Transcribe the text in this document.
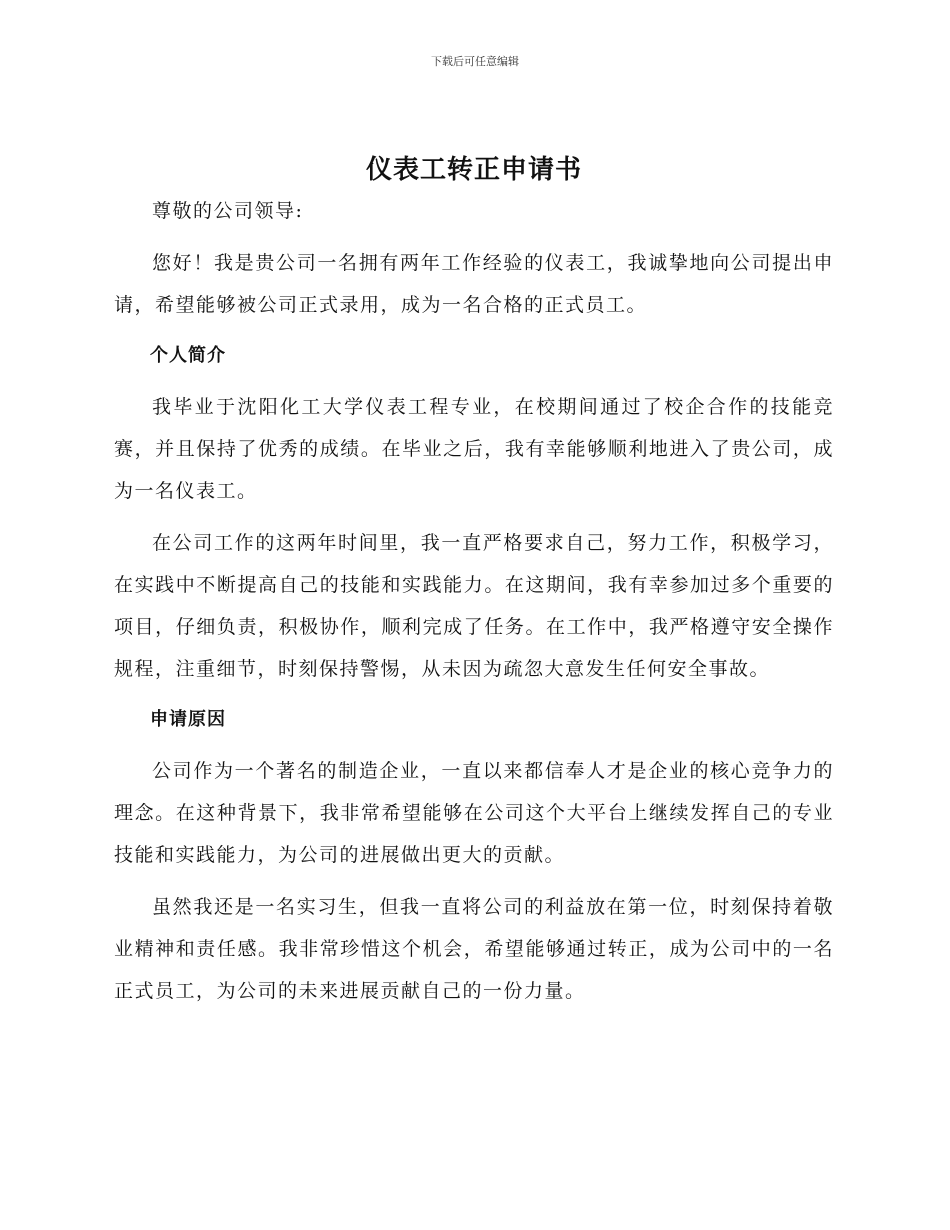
下载后可任意编辑
仪表工转正申请书

尊敬的公司领导:

您好！我是贵公司一名拥有两年工作经验的仪表工，我诚挚地向公司提出申请，希望能够被公司正式录用，成为一名合格的正式员工。

个人简介

我毕业于沈阳化工大学仪表工程专业，在校期间通过了校企合作的技能竞赛，并且保持了优秀的成绩。在毕业之后，我有幸能够顺利地进入了贵公司，成为一名仪表工。

在公司工作的这两年时间里，我一直严格要求自己，努力工作，积极学习，在实践中不断提高自己的技能和实践能力。在这期间，我有幸参加过多个重要的项目，仔细负责，积极协作，顺利完成了任务。在工作中，我严格遵守安全操作规程，注重细节，时刻保持警惕，从未因为疏忽大意发生任何安全事故。

申请原因

公司作为一个著名的制造企业，一直以来都信奉人才是企业的核心竞争力的理念。在这种背景下，我非常希望能够在公司这个大平台上继续发挥自己的专业技能和实践能力，为公司的进展做出更大的贡献。

虽然我还是一名实习生，但我一直将公司的利益放在第一位，时刻保持着敬业精神和责任感。我非常珍惜这个机会，希望能够通过转正，成为公司中的一名正式员工，为公司的未来进展贡献自己的一份力量。
